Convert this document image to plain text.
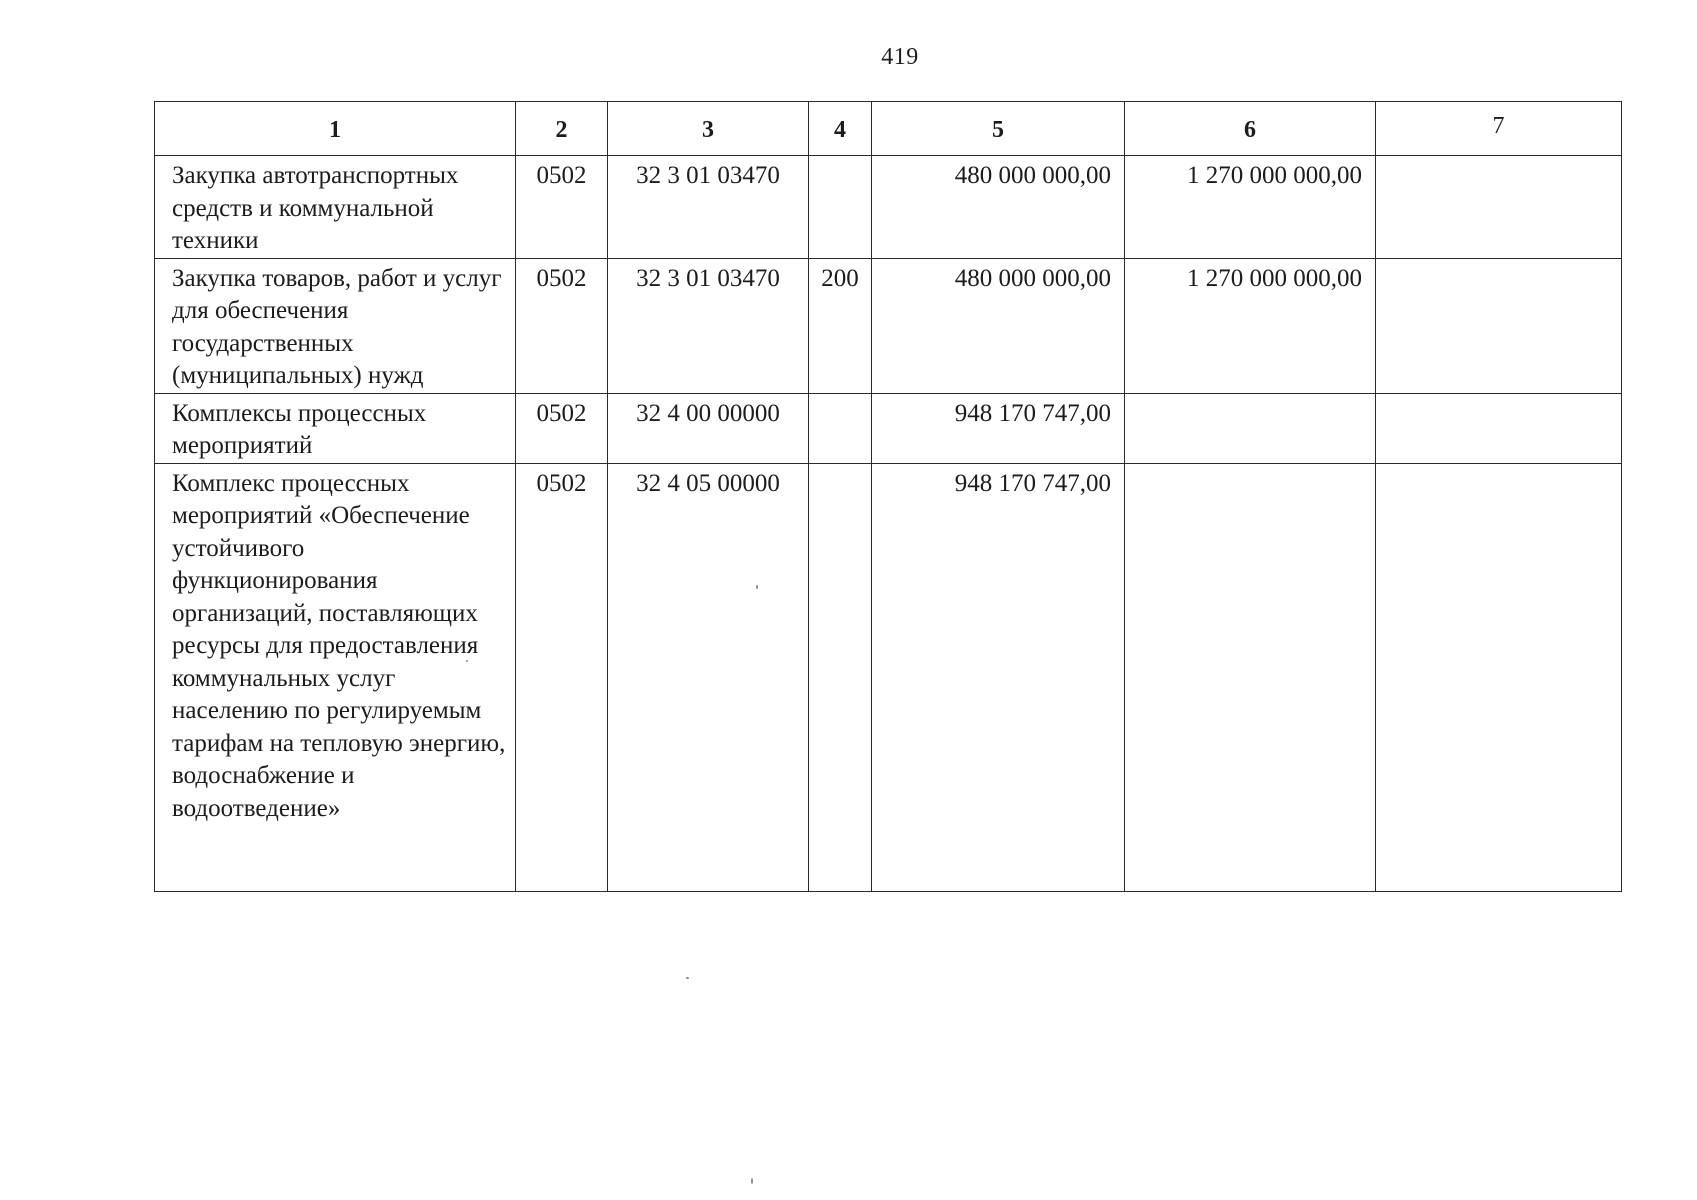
419
1	2	3	4	5	6	7
Закупка автотранспортных средств и коммунальной техники	0502	32 3 01 03470		480 000 000,00	1 270 000 000,00	
Закупка товаров, работ и услуг для обеспечения государственных (муниципальных) нужд	0502	32 3 01 03470	200	480 000 000,00	1 270 000 000,00	
Комплексы процессных мероприятий	0502	32 4 00 00000		948 170 747,00		
Комплекс процессных мероприятий «Обеспечение устойчивого функционирования организаций, поставляющих ресурсы для предоставления коммунальных услуг населению по регулируемым тарифам на тепловую энергию, водоснабжение и водоотведение»	0502	32 4 05 00000		948 170 747,00		
